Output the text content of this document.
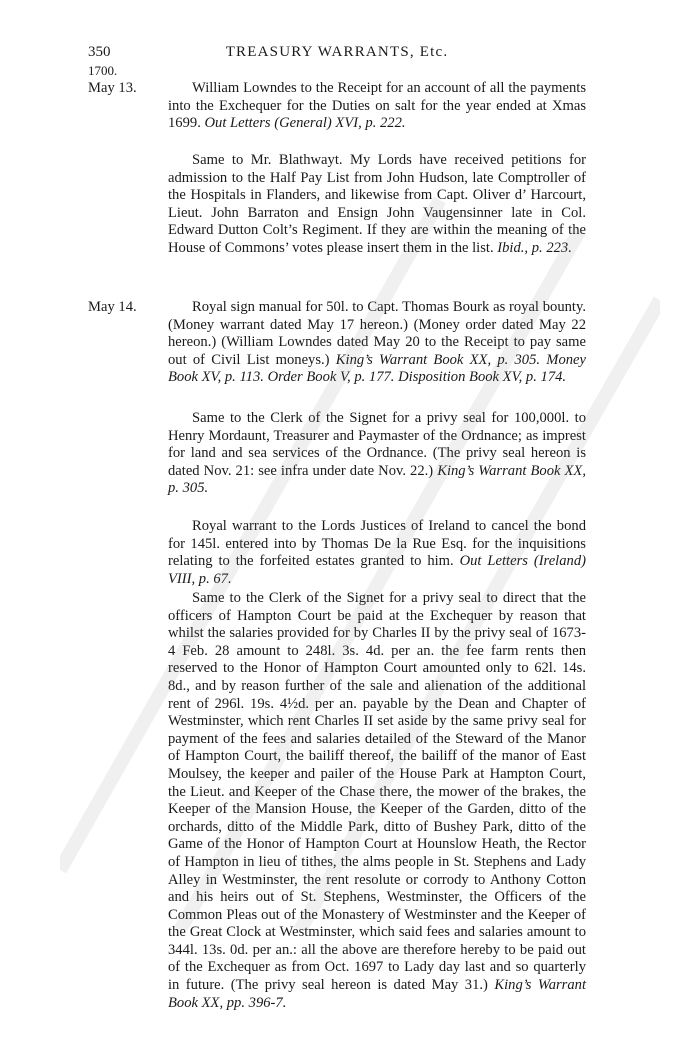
350	TREASURY WARRANTS, Etc.
1700.
May 13.	William Lowndes to the Receipt for an account of all the payments into the Exchequer for the Duties on salt for the year ended at Xmas 1699. Out Letters (General) XVI, p. 222.
Same to Mr. Blathwayt. My Lords have received petitions for admission to the Half Pay List from John Hudson, late Comptroller of the Hospitals in Flanders, and likewise from Capt. Oliver d’ Harcourt, Lieut. John Barraton and Ensign John Vaugensinner late in Col. Edward Dutton Colt’s Regiment. If they are within the meaning of the House of Commons’ votes please insert them in the list. Ibid., p. 223.
May 14.	Royal sign manual for 50l. to Capt. Thomas Bourk as royal bounty. (Money warrant dated May 17 hereon.) (Money order dated May 22 hereon.) (William Lowndes dated May 20 to the Receipt to pay same out of Civil List moneys.) King’s Warrant Book XX, p. 305. Money Book XV, p. 113. Order Book V, p. 177. Disposition Book XV, p. 174.
Same to the Clerk of the Signet for a privy seal for 100,000l. to Henry Mordaunt, Treasurer and Paymaster of the Ordnance; as imprest for land and sea services of the Ordnance. (The privy seal hereon is dated Nov. 21: see infra under date Nov. 22.) King’s Warrant Book XX, p. 305.
Royal warrant to the Lords Justices of Ireland to cancel the bond for 145l. entered into by Thomas De la Rue Esq. for the inquisitions relating to the forfeited estates granted to him. Out Letters (Ireland) VIII, p. 67.
Same to the Clerk of the Signet for a privy seal to direct that the officers of Hampton Court be paid at the Exchequer by reason that whilst the salaries provided for by Charles II by the privy seal of 1673-4 Feb. 28 amount to 248l. 3s. 4d. per an. the fee farm rents then reserved to the Honor of Hampton Court amounted only to 62l. 14s. 8d., and by reason further of the sale and alienation of the additional rent of 296l. 19s. 4½d. per an. payable by the Dean and Chapter of Westminster, which rent Charles II set aside by the same privy seal for payment of the fees and salaries detailed of the Steward of the Manor of Hampton Court, the bailiff thereof, the bailiff of the manor of East Moulsey, the keeper and pailer of the House Park at Hampton Court, the Lieut. and Keeper of the Chase there, the mower of the brakes, the Keeper of the Mansion House, the Keeper of the Garden, ditto of the orchards, ditto of the Middle Park, ditto of Bushey Park, ditto of the Game of the Honor of Hampton Court at Hounslow Heath, the Rector of Hampton in lieu of tithes, the alms people in St. Stephens and Lady Alley in Westminster, the rent resolute or corrody to Anthony Cotton and his heirs out of St. Stephens, Westminster, the Officers of the Common Pleas out of the Monastery of Westminster and the Keeper of the Great Clock at Westminster, which said fees and salaries amount to 344l. 13s. 0d. per an.: all the above are therefore hereby to be paid out of the Exchequer as from Oct. 1697 to Lady day last and so quarterly in future. (The privy seal hereon is dated May 31.) King’s Warrant Book XX, pp. 396-7.
